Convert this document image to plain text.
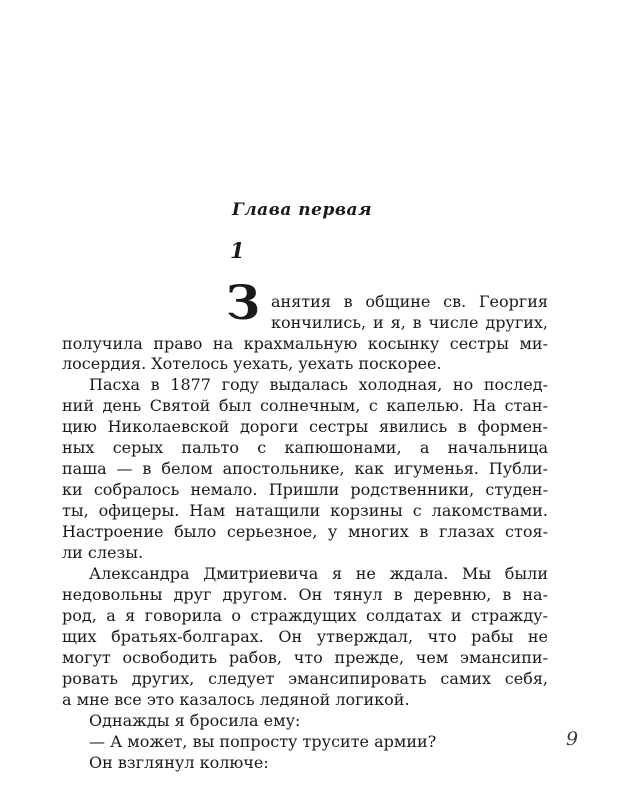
Глава первая
1
З анятия в общине св. Георгия
кончились, и я, в числе других,
получила право на крахмальную косынку сестры ми-
лосердия. Хотелось уехать, уехать поскорее.
Пасха в 1877 году выдалась холодная, но послед-
ний день Святой был солнечным, с капелью. На стан-
цию Николаевской дороги сестры явились в формен-
ных серых пальто с капюшонами, а начальница
паша — в белом апостольнике, как игуменья. Публи-
ки собралось немало. Пришли родственники, студен-
ты, офицеры. Нам натащили корзины с лакомствами.
Настроение было серьезное, у многих в глазах стоя-
ли слезы.
Александра Дмитриевича я не ждала. Мы были
недовольны друг другом. Он тянул в деревню, в на-
род, а я говорила о страждущих солдатах и стражду-
щих братьях-болгарах. Он утверждал, что рабы не
могут освободить рабов, что прежде, чем эмансипи-
ровать других, следует эмансипировать самих себя,
а мне все это казалось ледяной логикой.
Однажды я бросила ему:
— А может, вы попросту трусите армии?
Он взглянул колюче:
9
